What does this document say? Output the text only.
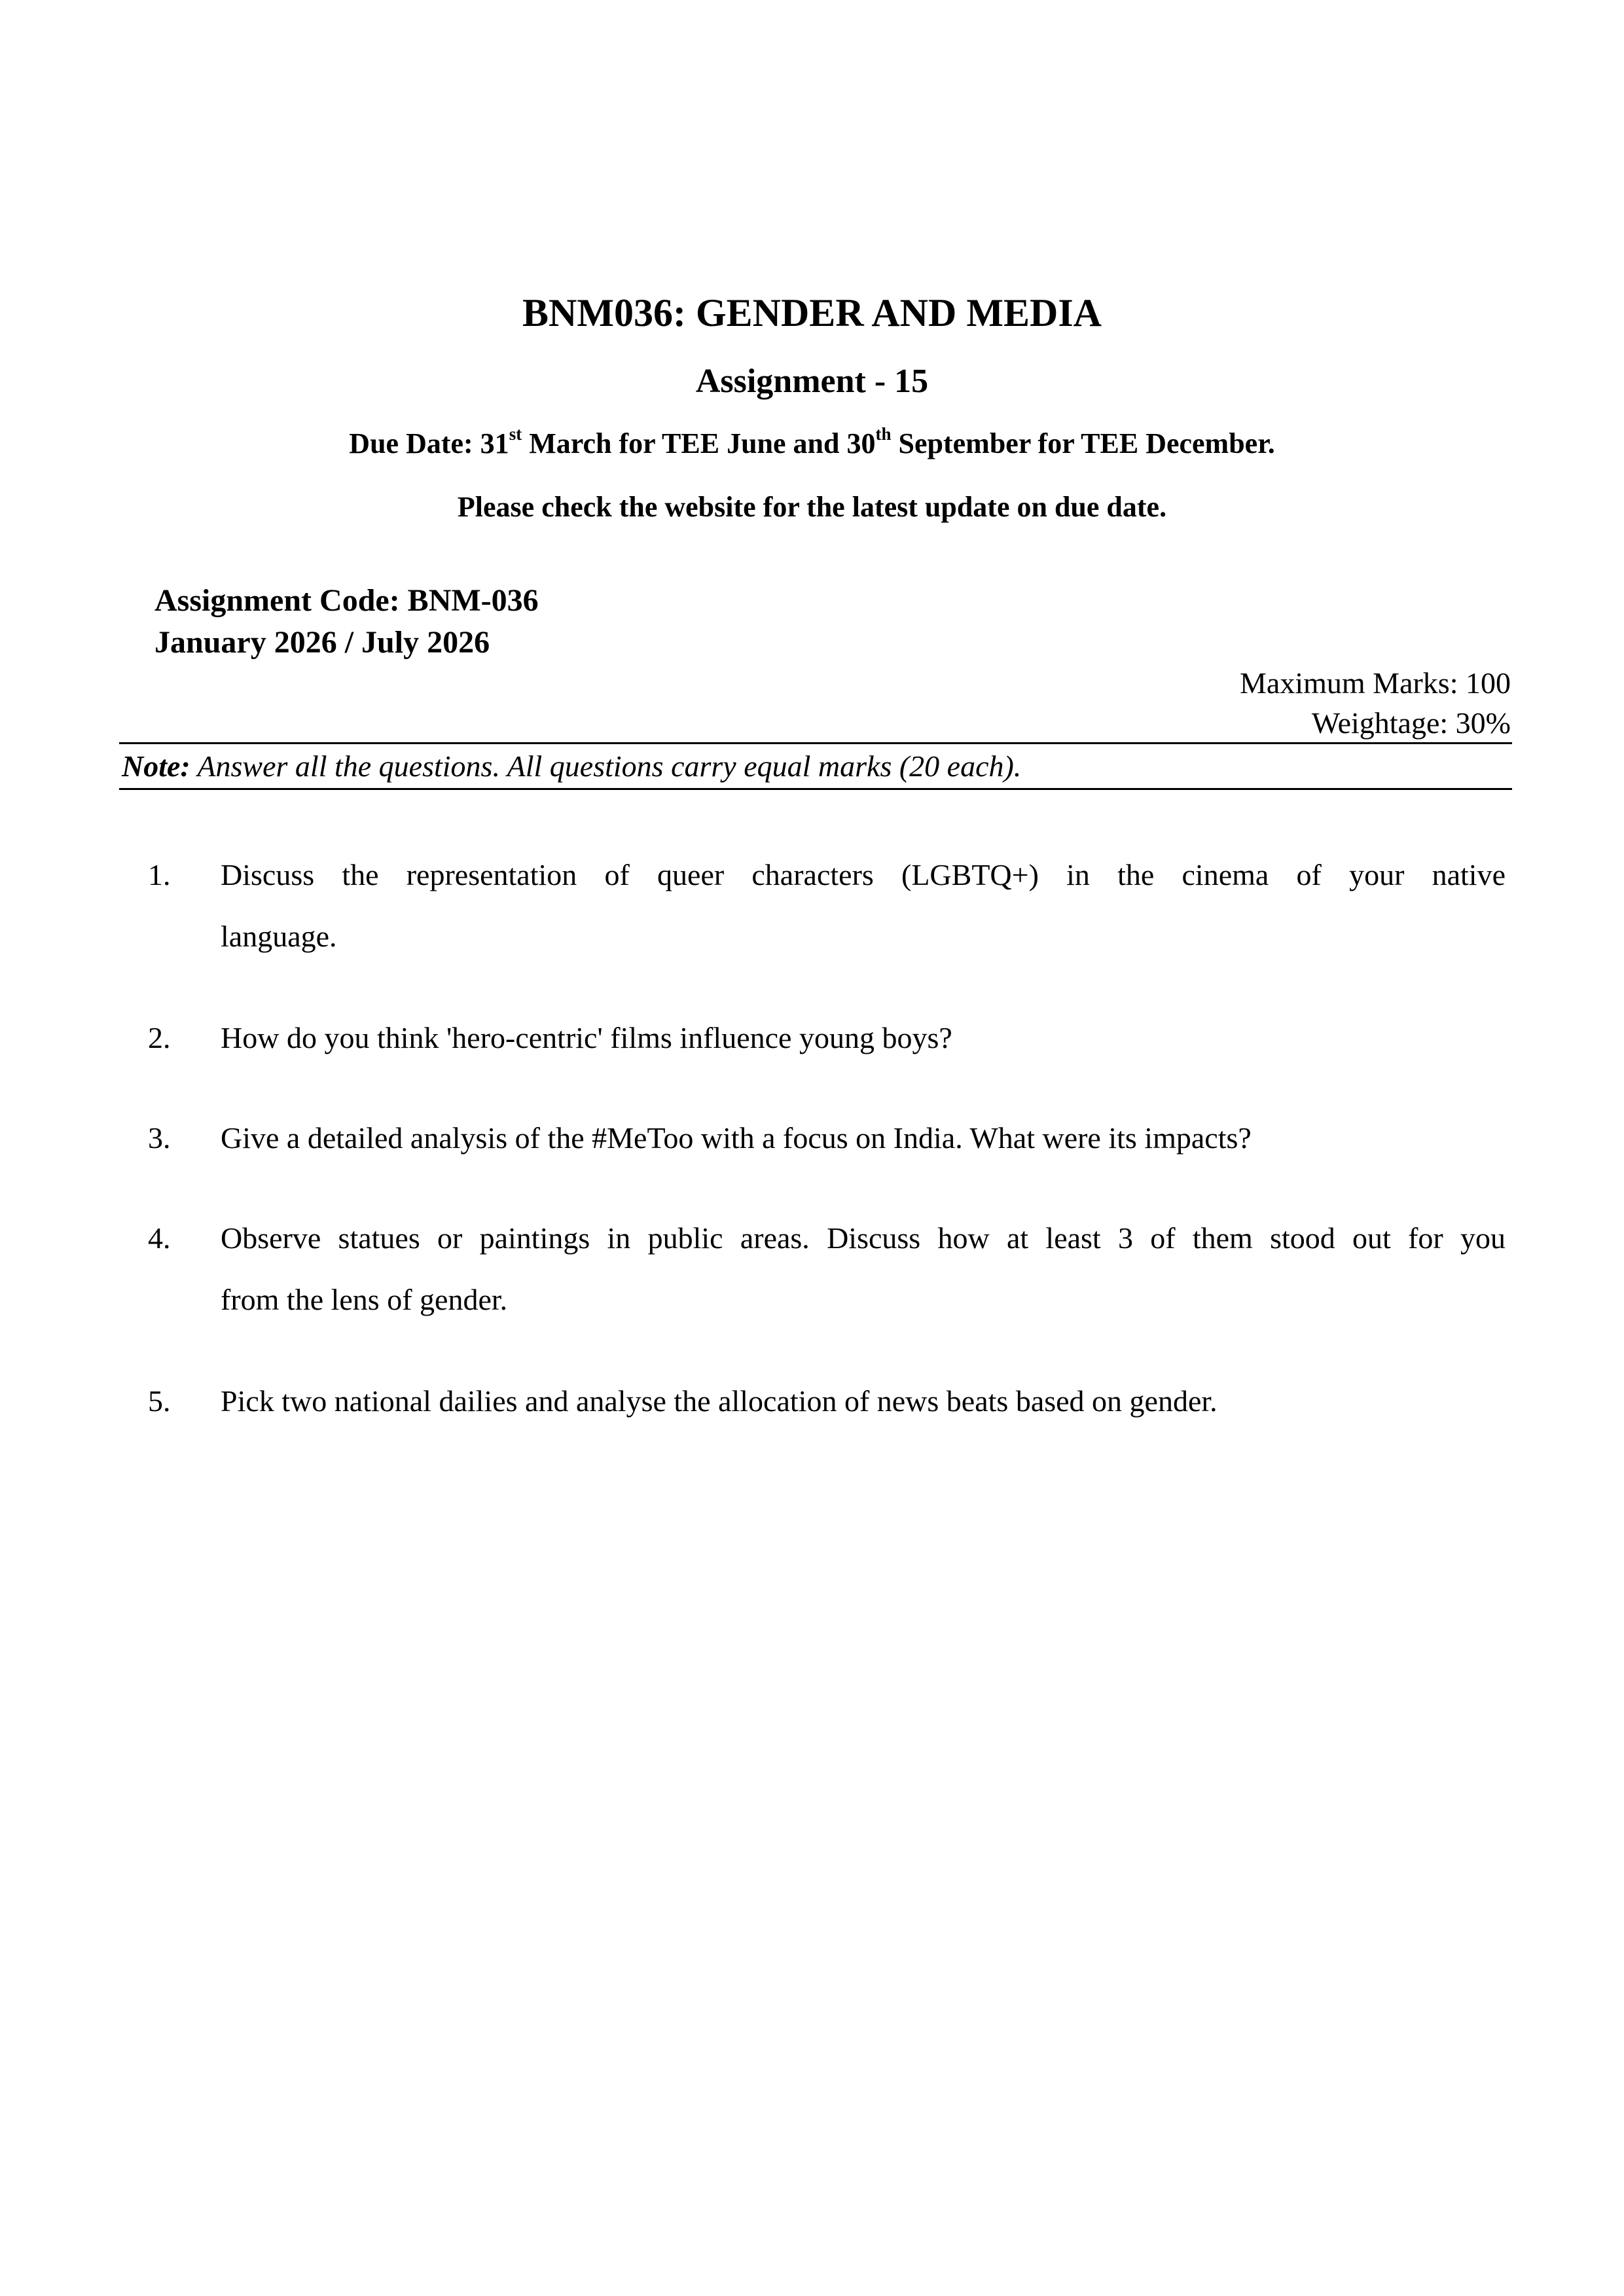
BNM036: GENDER AND MEDIA
Assignment - 15
Due Date: 31st March for TEE June and 30th September for TEE December.
Please check the website for the latest update on due date.
Assignment Code: BNM-036
January 2026 / July 2026
Maximum Marks: 100
Weightage: 30%
Note: Answer all the questions. All questions carry equal marks (20 each).
1. Discuss the representation of queer characters (LGBTQ+) in the cinema of your native
language.
2. How do you think 'hero-centric' films influence young boys?
3. Give a detailed analysis of the #MeToo with a focus on India. What were its impacts?
4. Observe statues or paintings in public areas. Discuss how at least 3 of them stood out for you
from the lens of gender.
5. Pick two national dailies and analyse the allocation of news beats based on gender.
